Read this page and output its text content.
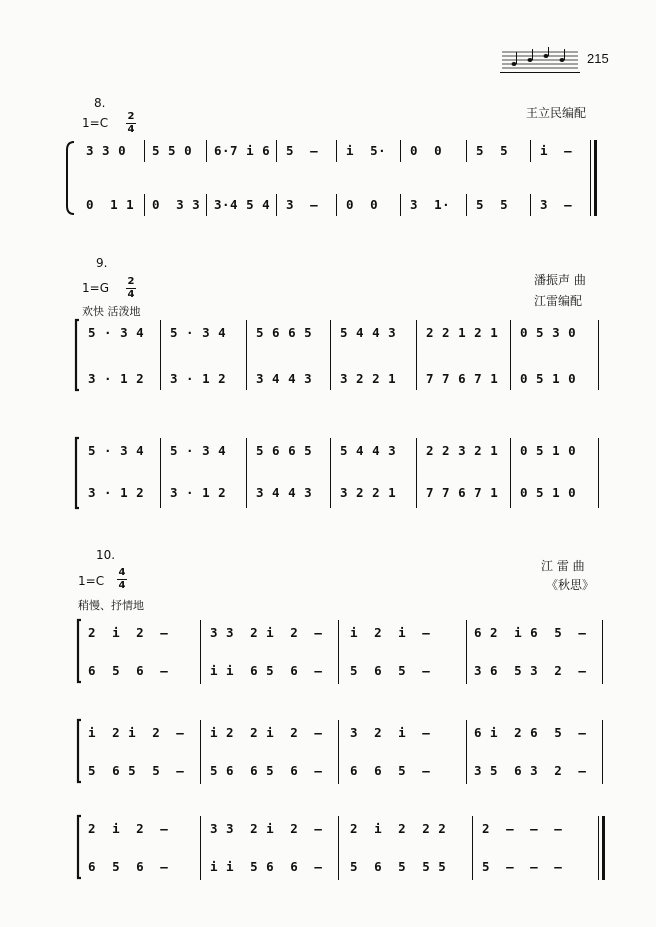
215
8.
1=C 2
4
王立民编配
3 3 0 5 5 0 6·7 i 6 5  – i  5· 0  0	5  5	i  –
0  1 1 0  3 3 3·4 5 4 3  – 0  0	3  1· 5  5	3  –
9.
1=G 2
4
潘振声 曲
江雷编配
欢快 活泼地
5 · 3 4 5 · 3 4 5 6 6 5 5 4 4 3 2 2 1 2 1 0 5 3 0
3 · 1 2 3 · 1 2 3 4 4 3 3 2 2 1 7 7 6 7 1 0 5 1 0
5 · 3 4 5 · 3 4 5 6 6 5 5 4 4 3 2 2 3 2 1 0 5 1 0
3 · 1 2 3 · 1 2 3 4 4 3 3 2 2 1 7 7 6 7 1 0 5 1 0
10.
1=C
4
4
江 雷 曲
《秋思》
稍慢、抒情地
2  i  2  –	3 3  2 i  2  – i  2  i  –	6 2  i 6  5  –
6  5  6  –	i i  6 5  6  – 5  6  5  –	3 6  5 3  2  –
i  2 i  2  – i 2  2 i  2  – 3  2  i  –	6 i  2 6  5  –
5  6 5  5  – 5 6  6 5  6  – 6  6  5  –	3 5  6 3  2  –
2  i  2  –	3 3  2 i  2  – 2  i  2  2 2	2  –  –  –
6  5  6  –	i i  5 6  6  – 5  6  5  5 5	5  –  –  –
